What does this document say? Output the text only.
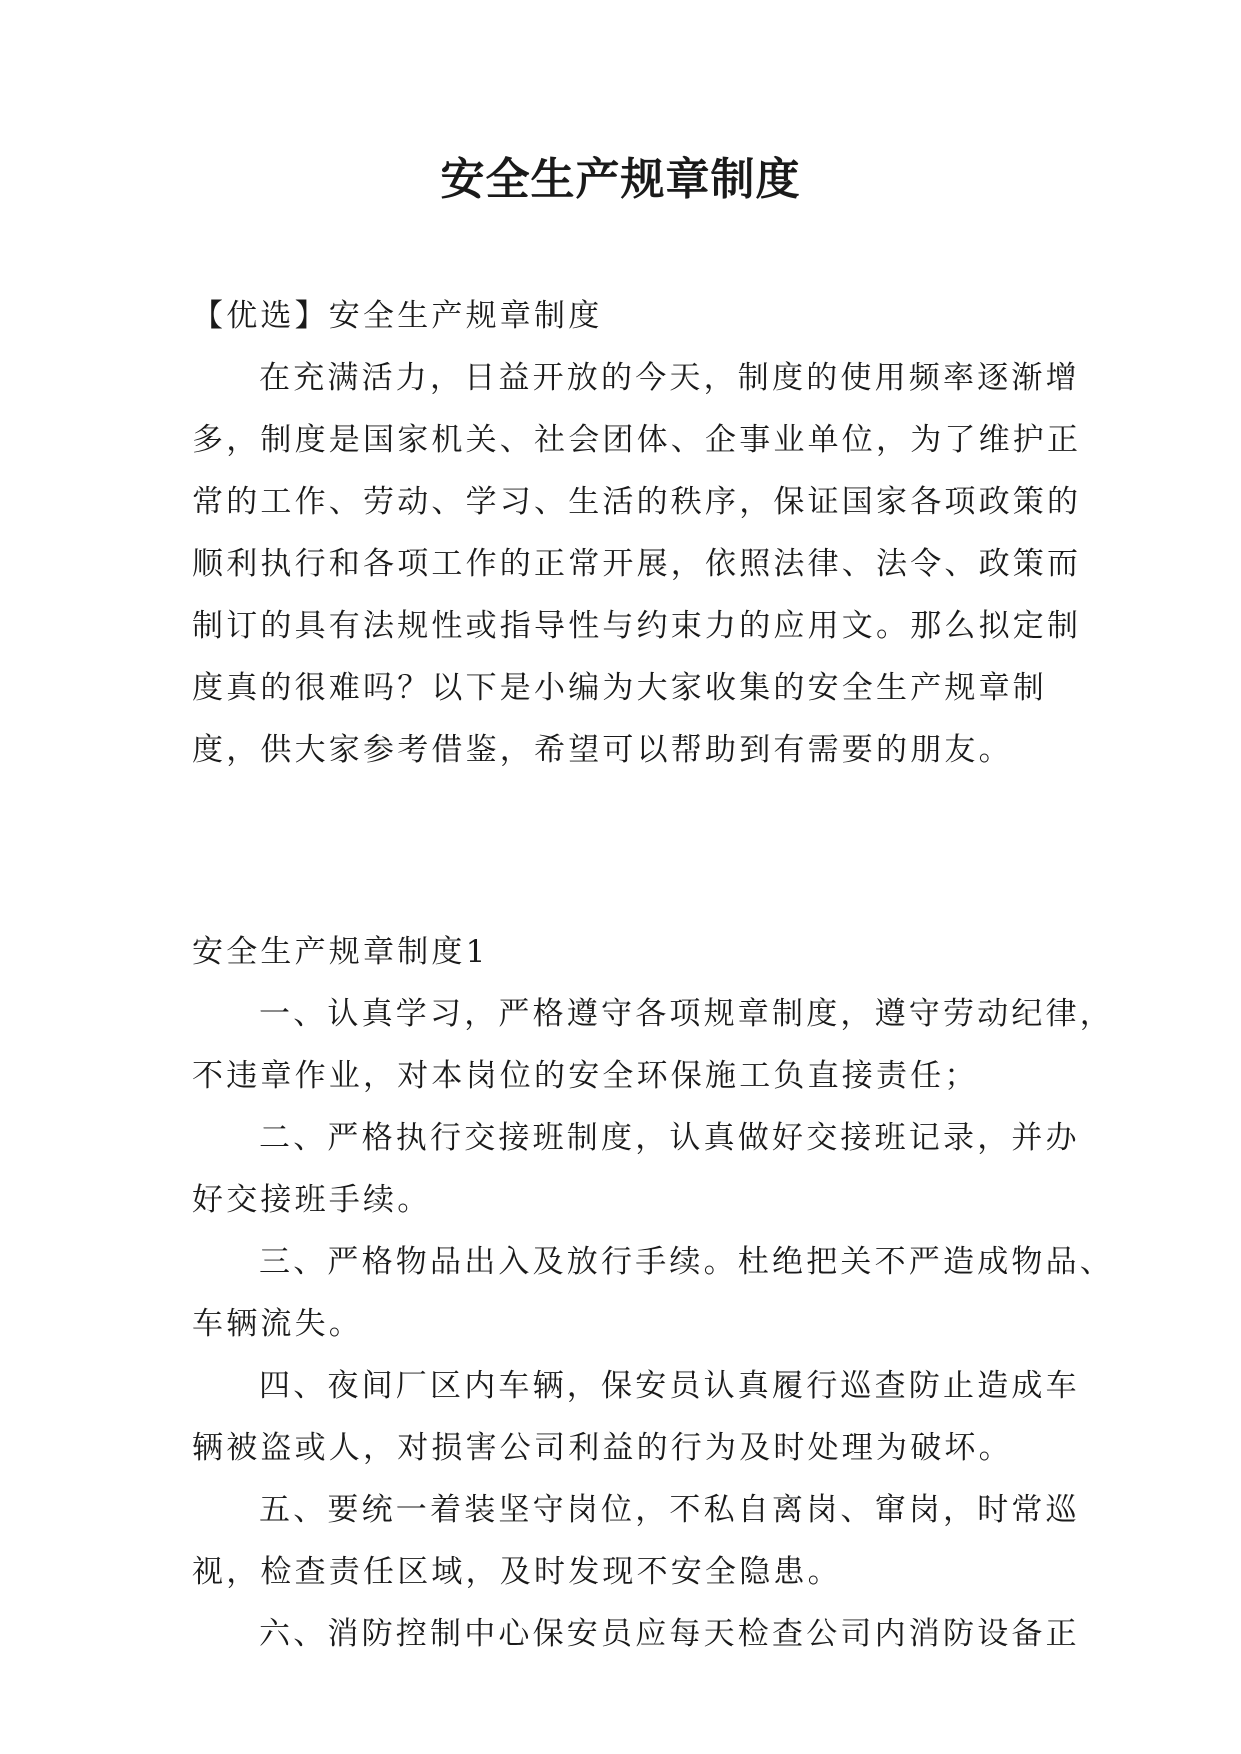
安全生产规章制度

【优选】安全生产规章制度

在充满活力，日益开放的今天，制度的使用频率逐渐增

多，制度是国家机关、社会团体、企事业单位，为了维护正

常的工作、劳动、学习、生活的秩序，保证国家各项政策的

顺利执行和各项工作的正常开展，依照法律、法令、政策而

制订的具有法规性或指导性与约束力的应用文。那么拟定制

度真的很难吗？以下是小编为大家收集的安全生产规章制

度，供大家参考借鉴，希望可以帮助到有需要的朋友。

安全生产规章制度1

一、认真学习，严格遵守各项规章制度，遵守劳动纪律，

不违章作业，对本岗位的安全环保施工负直接责任；

二、严格执行交接班制度，认真做好交接班记录，并办

好交接班手续。

三、严格物品出入及放行手续。杜绝把关不严造成物品、

车辆流失。

四、夜间厂区内车辆，保安员认真履行巡查防止造成车

辆被盗或人，对损害公司利益的行为及时处理为破坏。

五、要统一着装坚守岗位，不私自离岗、窜岗，时常巡

视，检查责任区域，及时发现不安全隐患。

六、消防控制中心保安员应每天检查公司内消防设备正
